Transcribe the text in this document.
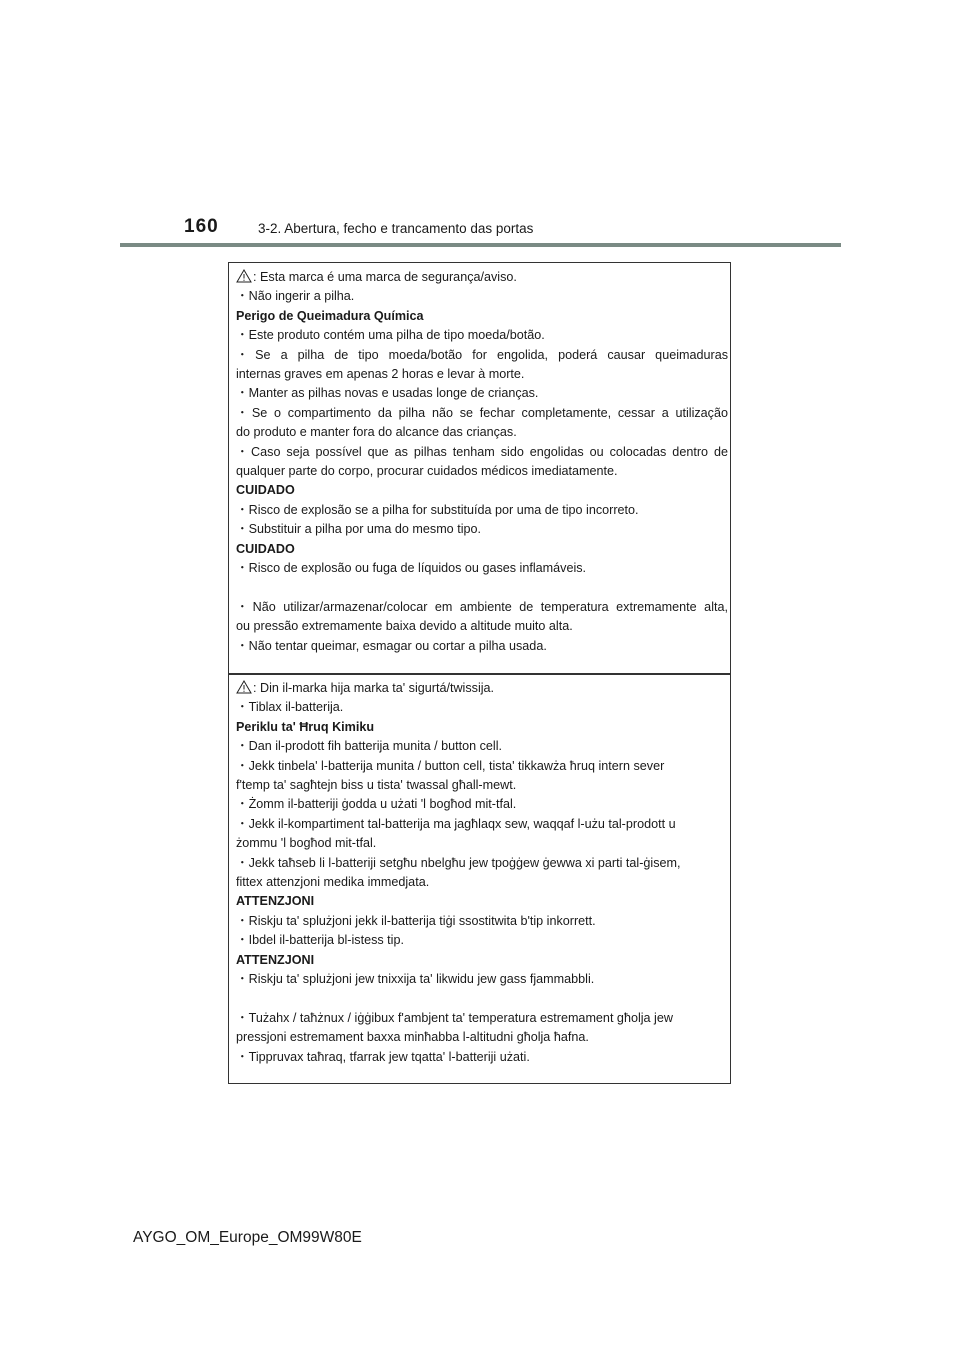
160	3-2. Abertura, fecho e trancamento das portas
: Esta marca é uma marca de segurança/aviso.
・Não ingerir a pilha.
Perigo de Queimadura Química
・Este produto contém uma pilha de tipo moeda/botão.
・Se a pilha de tipo moeda/botão for engolida, poderá causar queimaduras
internas graves em apenas 2 horas e levar à morte.
・Manter as pilhas novas e usadas longe de crianças.
・Se o compartimento da pilha não se fechar completamente, cessar a utilização
do produto e manter fora do alcance das crianças.
・Caso seja possível que as pilhas tenham sido engolidas ou colocadas dentro de
qualquer parte do corpo, procurar cuidados médicos imediatamente.
CUIDADO
・Risco de explosão se a pilha for substituída por uma de tipo incorreto.
・Substituir a pilha por uma do mesmo tipo.
CUIDADO
・Risco de explosão ou fuga de líquidos ou gases inflamáveis.
・Não utilizar/armazenar/colocar em ambiente de temperatura extremamente alta,
ou pressão extremamente baixa devido a altitude muito alta.
・Não tentar queimar, esmagar ou cortar a pilha usada.
: Din il-marka hija marka ta' sigurtá/twissija.
・Tiblax il-batterija.
Periklu ta' Ħruq Kimiku
・Dan il-prodott fih batterija munita / button cell.
・Jekk tinbela' l-batterija munita / button cell, tista' tikkawża ħruq intern sever
f'temp ta' sagħtejn biss u tista' twassal għall-mewt.
・Żomm il-batteriji ġodda u użati 'l bogħod mit-tfal.
・Jekk il-kompartiment tal-batterija ma jagħlaqx sew, waqqaf l-użu tal-prodott u
żommu 'l bogħod mit-tfal.
・Jekk taħseb li l-batteriji setgħu nbelgħu jew tpoġġew ġewwa xi parti tal-ġisem,
fittex attenzjoni medika immedjata.
ATTENZJONI
・Riskju ta' splużjoni jekk il-batterija tiġi ssostitwita b'tip inkorrett.
・Ibdel il-batterija bl-istess tip.
ATTENZJONI
・Riskju ta' splużjoni jew tnixxija ta' likwidu jew gass fjammabbli.
・Tużahx / taħżnux / iġġibux f'ambjent ta' temperatura estremament għolja jew
pressjoni estremament baxxa minħabba l-altitudni għolja ħafna.
・Tippruvax taħraq, tfarrak jew tqatta' l-batteriji użati.
AYGO_OM_Europe_OM99W80E
